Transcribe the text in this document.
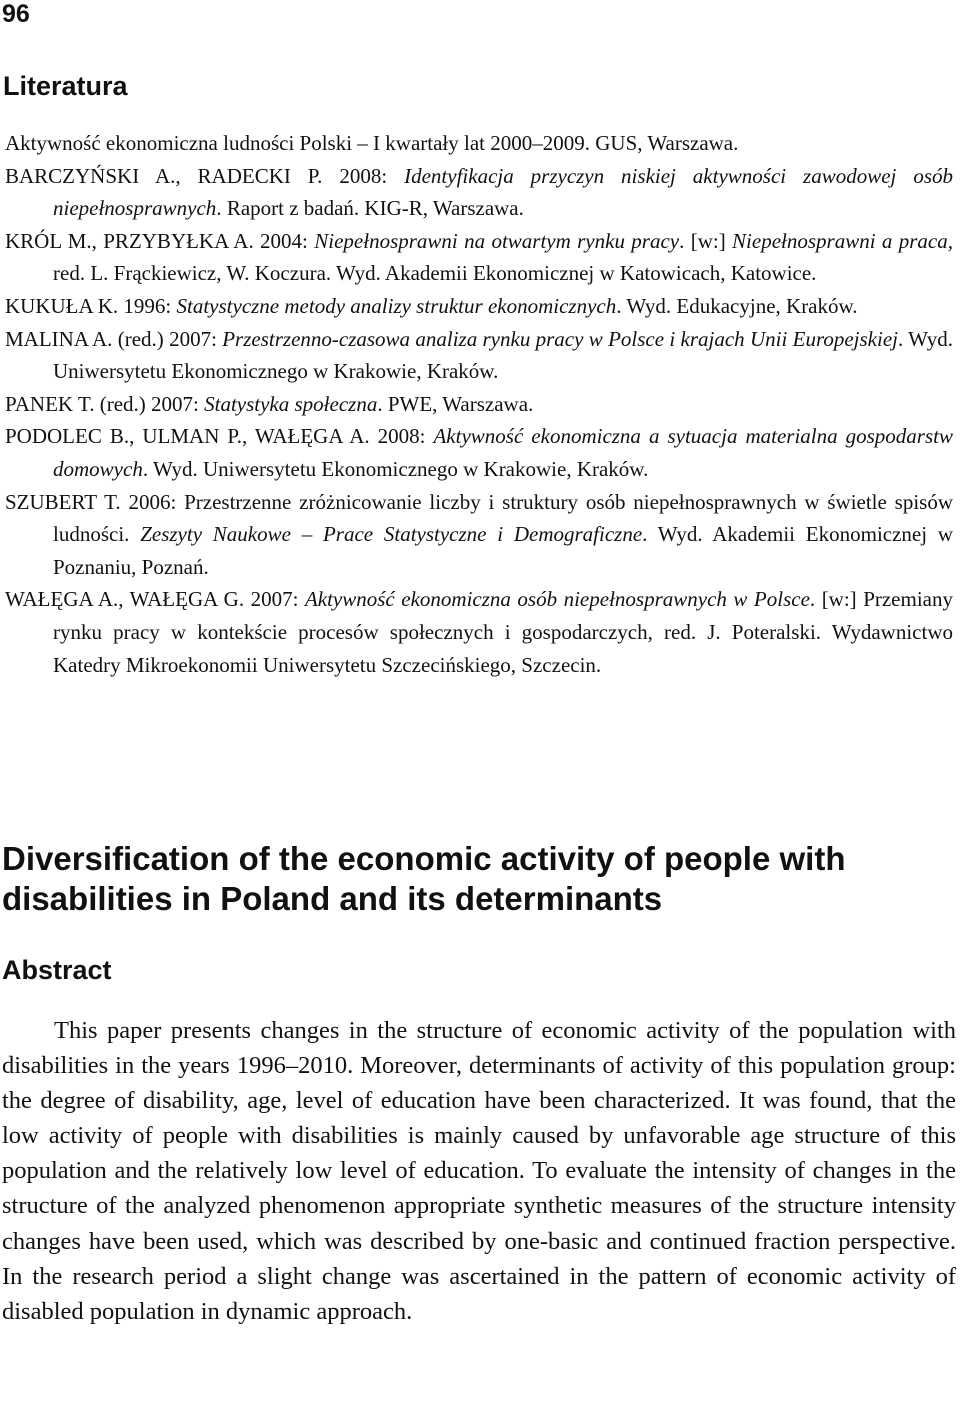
96
Literatura
Aktywność ekonomiczna ludności Polski – I kwartały lat 2000–2009. GUS, Warszawa.
BARCZYŃSKI A., RADECKI P. 2008: Identyfikacja przyczyn niskiej aktywności zawodowej osób niepełnosprawnych. Raport z badań. KIG-R, Warszawa.
KRÓL M., PRZYBYŁKA A. 2004: Niepełnosprawni na otwartym rynku pracy. [w:] Niepełnosprawni a praca, red. L. Frąckiewicz, W. Koczura. Wyd. Akademii Ekonomicznej w Katowicach, Katowice.
KUKUŁA K. 1996: Statystyczne metody analizy struktur ekonomicznych. Wyd. Edukacyjne, Kraków.
MALINA A. (red.) 2007: Przestrzenno-czasowa analiza rynku pracy w Polsce i krajach Unii Europejskiej. Wyd. Uniwersytetu Ekonomicznego w Krakowie, Kraków.
PANEK T. (red.) 2007: Statystyka społeczna. PWE, Warszawa.
PODOLEC B., ULMAN P., WAŁĘGA A. 2008: Aktywność ekonomiczna a sytuacja materialna gospodarstw domowych. Wyd. Uniwersytetu Ekonomicznego w Krakowie, Kraków.
SZUBERT T. 2006: Przestrzenne zróżnicowanie liczby i struktury osób niepełnosprawnych w świetle spisów ludności. Zeszyty Naukowe – Prace Statystyczne i Demograficzne. Wyd. Akademii Ekonomicznej w Poznaniu, Poznań.
WAŁĘGA A., WAŁĘGA G. 2007: Aktywność ekonomiczna osób niepełnosprawnych w Polsce. [w:] Przemiany rynku pracy w kontekście procesów społecznych i gospodarczych, red. J. Poteralski. Wydawnictwo Katedry Mikroekonomii Uniwersytetu Szczecińskiego, Szczecin.
Diversification of the economic activity of people with disabilities in Poland and its determinants
Abstract

This paper presents changes in the structure of economic activity of the population with disabilities in the years 1996–2010. Moreover, determinants of activity of this population group: the degree of disability, age, level of education have been characterized. It was found, that the low activity of people with disabilities is mainly caused by unfavorable age structure of this population and the relatively low level of education. To evaluate the intensity of changes in the structure of the analyzed phenomenon appropriate synthetic measures of the structure intensity changes have been used, which was described by one-basic and continued fraction perspective. In the research period a slight change was ascertained in the pattern of economic activity of disabled population in dynamic approach.
